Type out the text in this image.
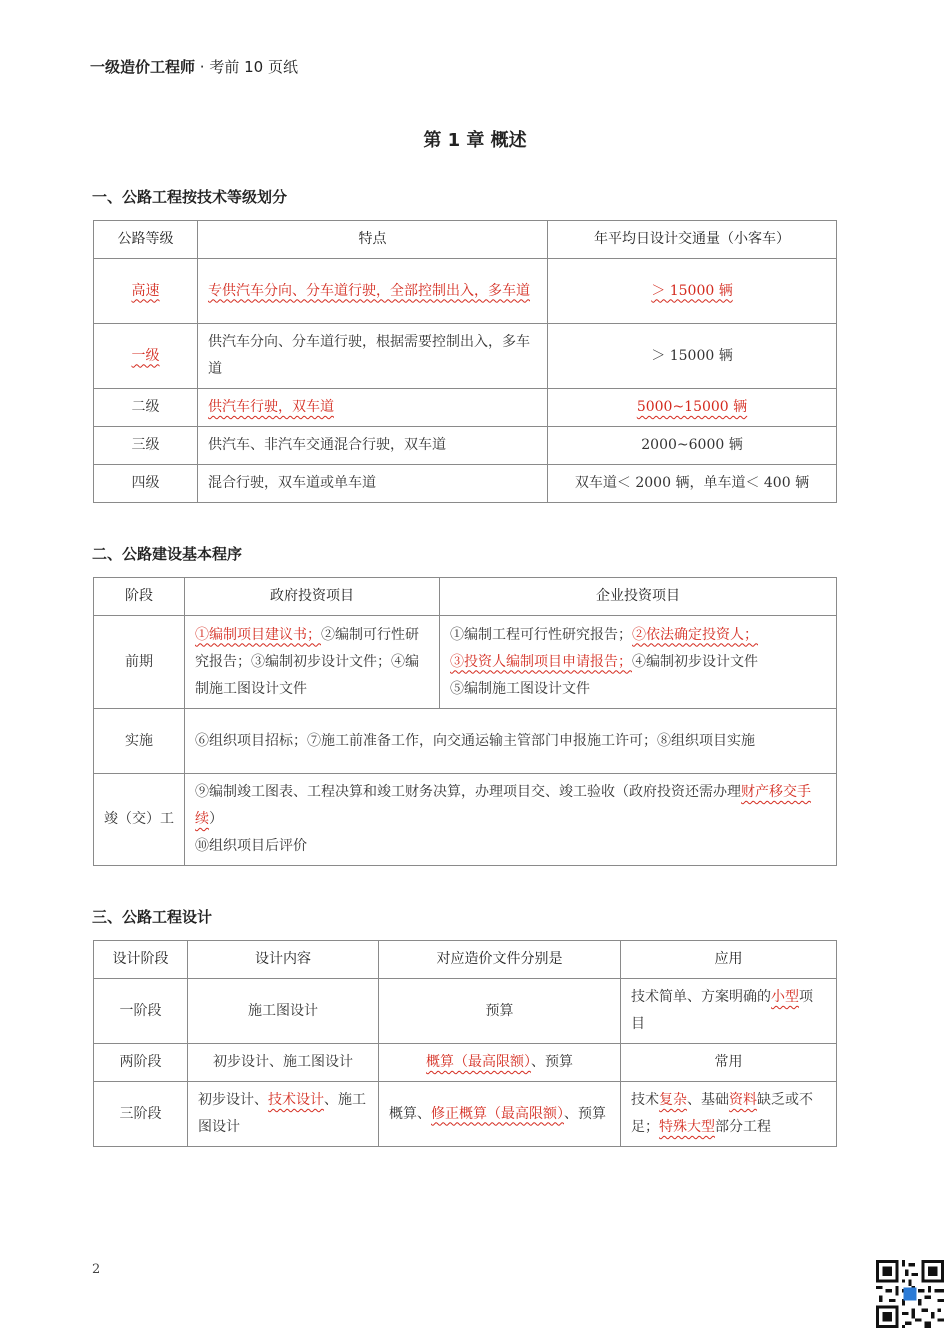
一级造价工程师 · 考前 10 页纸
第 1 章 概述
一、公路工程按技术等级划分
公路等级	特点	年平均日设计交通量（小客车）
高速	专供汽车分向、分车道行驶，全部控制出入，多车道	＞ 15000 辆
一级	供汽车分向、分车道行驶，根据需要控制出入，多车道	＞ 15000 辆
二级	供汽车行驶，双车道	5000~15000 辆
三级	供汽车、非汽车交通混合行驶，双车道	2000~6000 辆
四级	混合行驶，双车道或单车道	双车道＜ 2000 辆，单车道＜ 400 辆
二、公路建设基本程序
阶段	政府投资项目	企业投资项目
前期	①编制项目建议书；②编制可行性研究报告；③编制初步设计文件；④编制施工图设计文件	①编制工程可行性研究报告；②依法确定投资人；
③投资人编制项目申请报告；④编制初步设计文件
⑤编制施工图设计文件
实施	⑥组织项目招标；⑦施工前准备工作，向交通运输主管部门申报施工许可；⑧组织项目实施	
竣（交）工	⑨编制竣工图表、工程决算和竣工财务决算，办理项目交、竣工验收（政府投资还需办理财产移交手续）
⑩组织项目后评价	
三、公路工程设计
设计阶段	设计内容	对应造价文件分别是	应用
一阶段	施工图设计	预算	技术简单、方案明确的小型项目
两阶段	初步设计、施工图设计	概算（最高限额）、预算	常用
三阶段	初步设计、技术设计、施工图设计	概算、修正概算（最高限额）、预算	技术复杂、基础资料缺乏或不足；特殊大型部分工程
2
